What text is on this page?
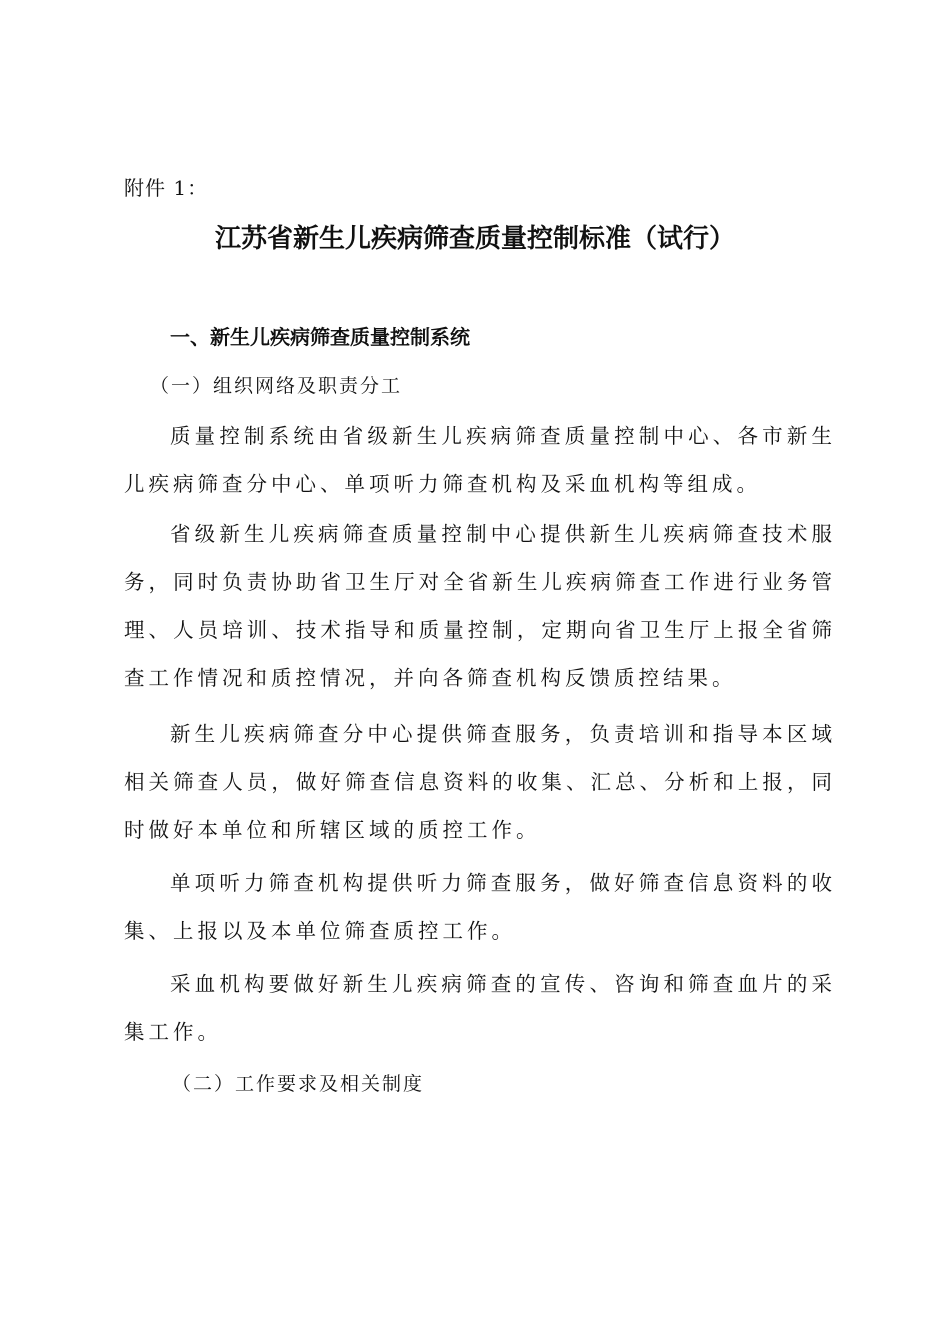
附件 1：
江苏省新生儿疾病筛查质量控制标准（试行）
一、新生儿疾病筛查质量控制系统
（一）组织网络及职责分工

质量控制系统由省级新生儿疾病筛查质量控制中心、各市新生儿疾病筛查分中心、单项听力筛查机构及采血机构等组成。

省级新生儿疾病筛查质量控制中心提供新生儿疾病筛查技术服务，同时负责协助省卫生厅对全省新生儿疾病筛查工作进行业务管理、人员培训、技术指导和质量控制，定期向省卫生厅上报全省筛查工作情况和质控情况，并向各筛查机构反馈质控结果。

新生儿疾病筛查分中心提供筛查服务，负责培训和指导本区域相关筛查人员，做好筛查信息资料的收集、汇总、分析和上报，同时做好本单位和所辖区域的质控工作。

单项听力筛查机构提供听力筛查服务，做好筛查信息资料的收集、上报以及本单位筛查质控工作。

采血机构要做好新生儿疾病筛查的宣传、咨询和筛查血片的采集工作。

（二）工作要求及相关制度
